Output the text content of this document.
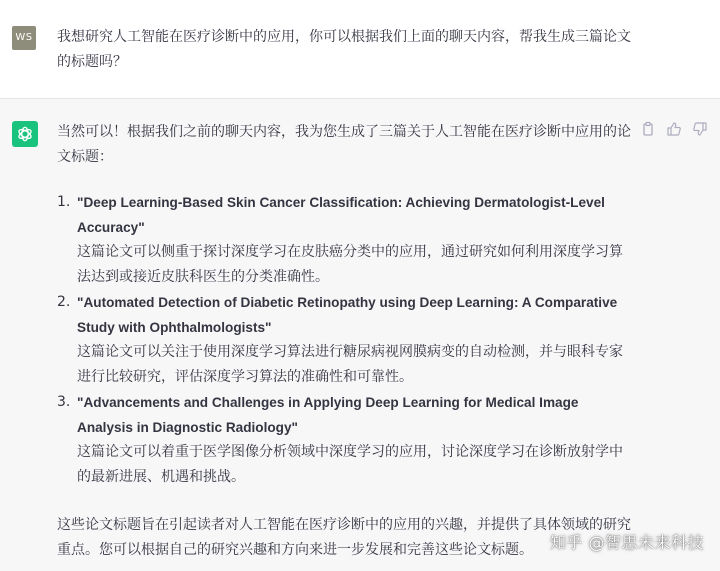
WS 我想研究人工智能在医疗诊断中的应用，你可以根据我们上面的聊天内容，帮我生成三篇论文的标题吗？

当然可以！根据我们之前的聊天内容，我为您生成了三篇关于人工智能在医疗诊断中应用的论文标题：

1. "Deep Learning-Based Skin Cancer Classification: Achieving Dermatologist-Level Accuracy"
这篇论文可以侧重于探讨深度学习在皮肤癌分类中的应用，通过研究如何利用深度学习算法达到或接近皮肤科医生的分类准确性。
2. "Automated Detection of Diabetic Retinopathy using Deep Learning: A Comparative Study with Ophthalmologists"
这篇论文可以关注于使用深度学习算法进行糖尿病视网膜病变的自动检测，并与眼科专家进行比较研究，评估深度学习算法的准确性和可靠性。
3. "Advancements and Challenges in Applying Deep Learning for Medical Image Analysis in Diagnostic Radiology"
这篇论文可以着重于医学图像分析领域中深度学习的应用，讨论深度学习在诊断放射学中的最新进展、机遇和挑战。

这些论文标题旨在引起读者对人工智能在医疗诊断中的应用的兴趣，并提供了具体领域的研究重点。您可以根据自己的研究兴趣和方向来进一步发展和完善这些论文标题。	知乎 @智思未来科技
